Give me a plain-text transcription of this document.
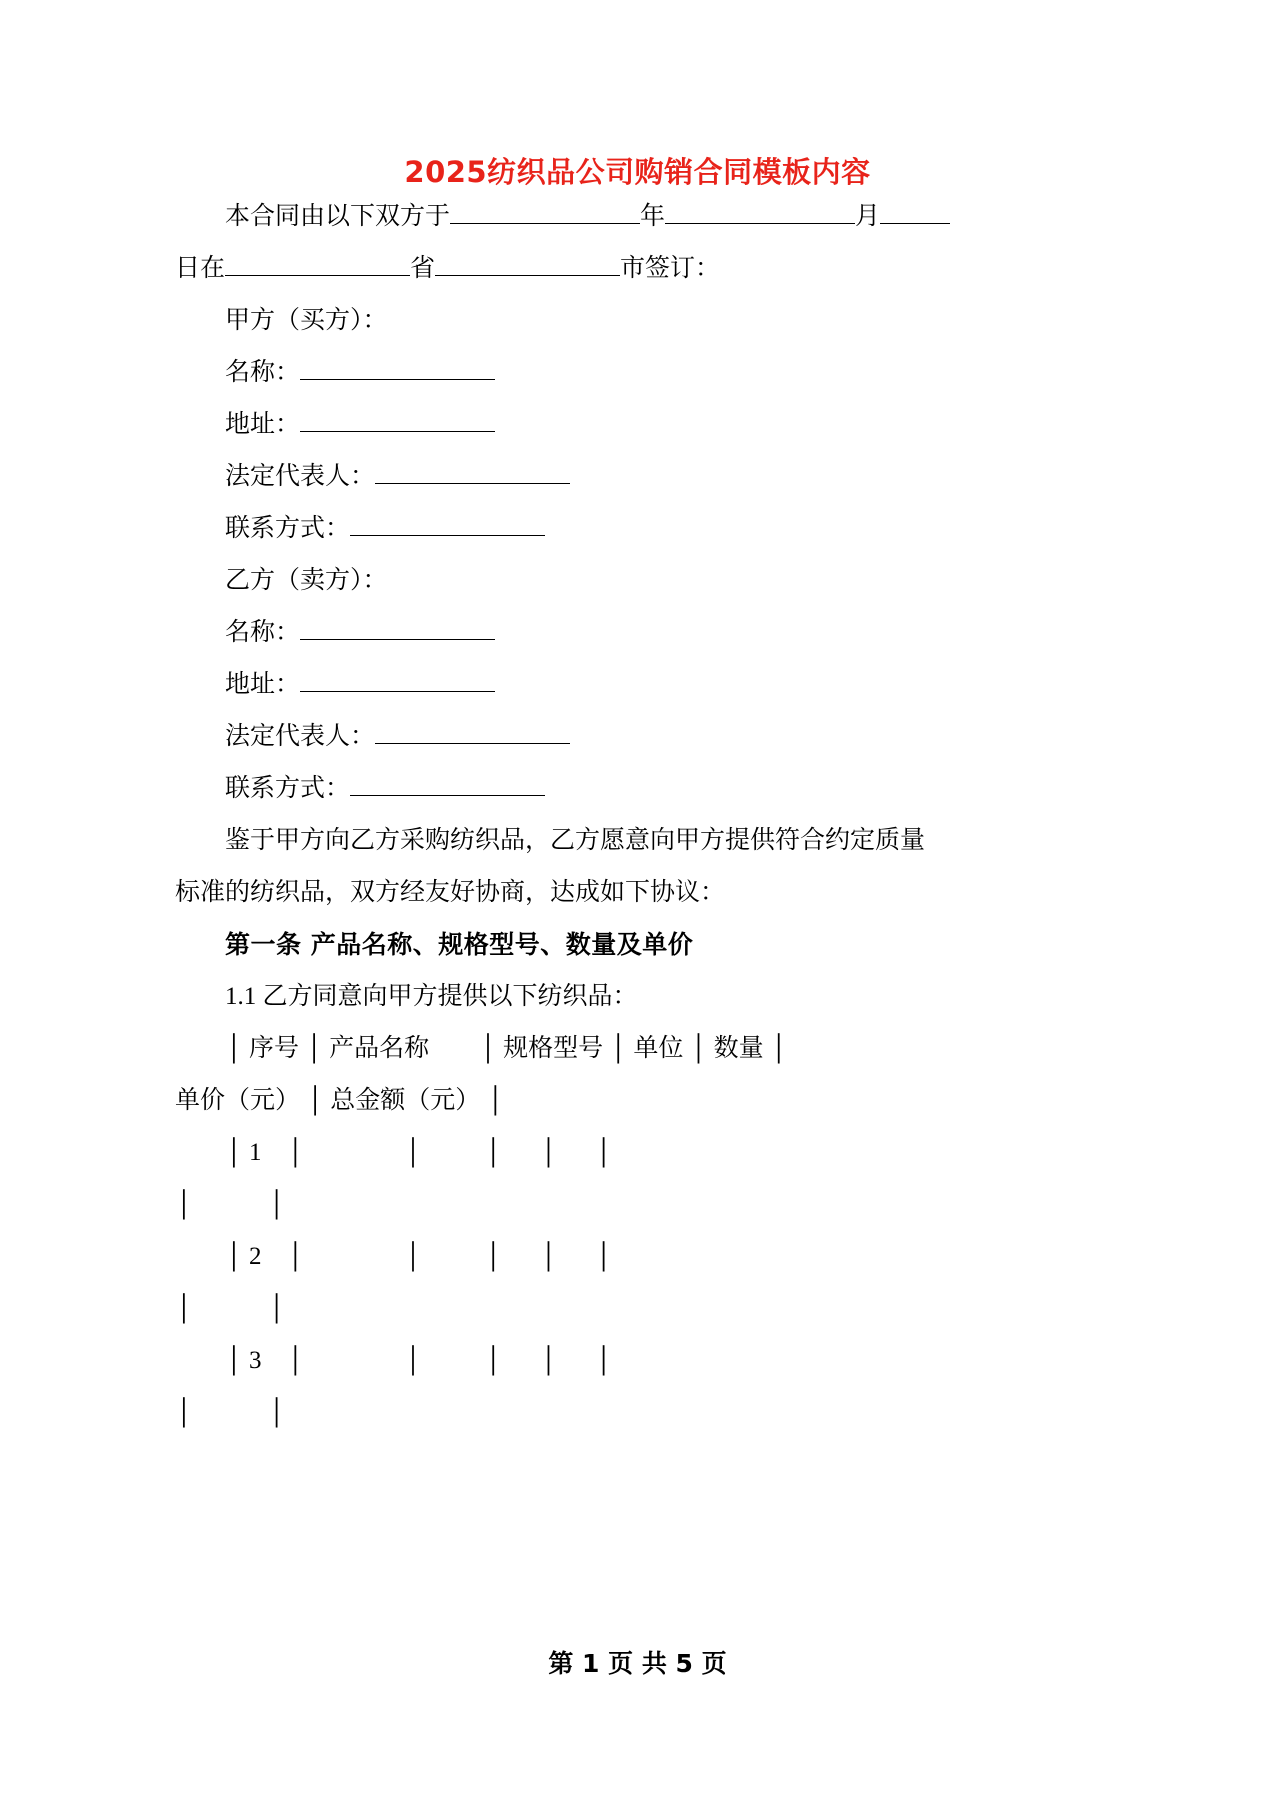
2025纺织品公司购销合同模板内容

本合同由以下双方于	年	月

日在	省	市签订：

甲方（买方）：

名称：

地址：

法定代表人：

联系方式：

乙方（卖方）：

名称：

地址：

法定代表人：

联系方式：

鉴于甲方向乙方采购纺织品，乙方愿意向甲方提供符合约定质量

标准的纺织品，双方经友好协商，达成如下协议：

第一条 产品名称、规格型号、数量及单价

1.1 乙方同意向甲方提供以下纺织品：

│ 序号 │ 产品名称        │ 规格型号 │ 单位 │ 数量 │

单价（元） │ 总金额（元） │

│ 1    │                │          │      │      │

│            │

│ 2    │                │          │      │      │

│            │

│ 3    │                │          │      │      │

│            │

第 1 页 共 5 页
